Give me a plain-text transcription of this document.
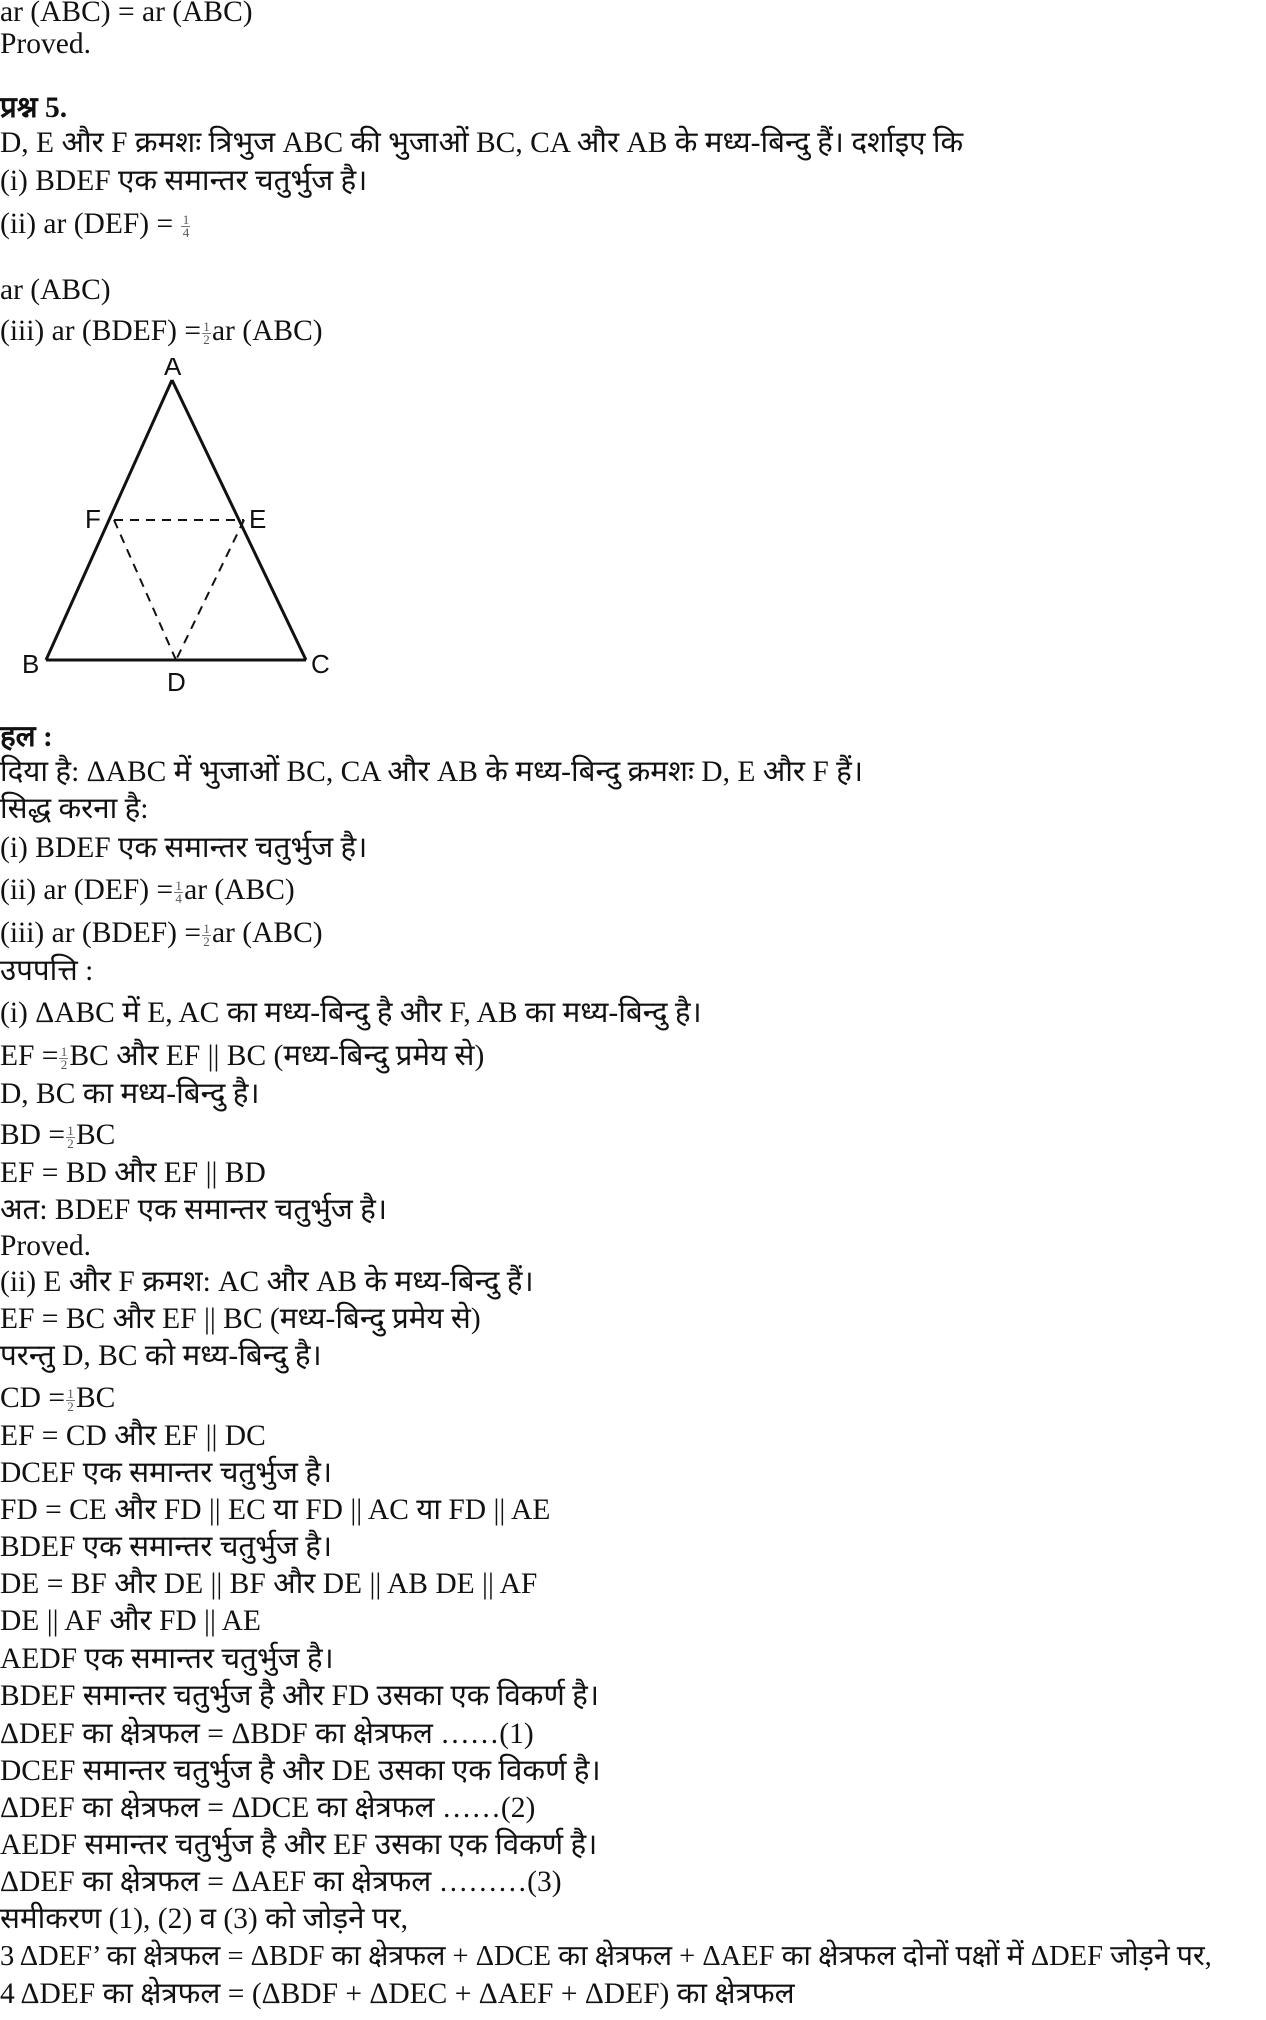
ar (ABC) = ar (ABC)
Proved.
प्रश्न 5.
D, E और F क्रमशः त्रिभुज ABC की भुजाओं BC, CA और AB के मध्य-बिन्दु हैं। दर्शाइए कि
(i) BDEF एक समान्तर चतुर्भुज है।
(ii) ar $(DEF) = \frac{1}{4}$
ar (ABC)
(iii) ar (BDEF) = $\frac{1}{2}$ ar (ABC)
A
F	E
B	C
D
हल :
दिया है: ΔABC में भुजाओं BC, CA और AB के मध्य-बिन्दु क्रमशः D, E और F हैं।
सिद्ध करना है:
(i) BDEF एक समान्तर चतुर्भुज है।
(ii) ar $(DEF) = \frac{1}{4}$ ar (ABC)
(iii) ar (BDEF) = $\frac{1}{2}$ ar (ABC)
उपपत्ति :
(i) ΔABC में E, AC का मध्य-बिन्दु है और F, AB का मध्य-बिन्दु है।
EF = $\frac{1}{2}$ BC और EF || BC (मध्य-बिन्दु प्रमेय से)
D, BC का मध्य-बिन्दु है।
BD = $\frac{1}{2}$ BC
EF = BD और EF || BD
अत: BDEF एक समान्तर चतुर्भुज है।
Proved.
(ii) E और F क्रमश: AC और AB के मध्य-बिन्दु हैं।
EF = BC और EF || BC (मध्य-बिन्दु प्रमेय से)
परन्तु D, BC को मध्य-बिन्दु है।
CD = $\frac{1}{2}$ BC
EF = CD और EF || DC
DCEF एक समान्तर चतुर्भुज है।
FD = CE और FD || EC या FD || AC या FD || AE
BDEF एक समान्तर चतुर्भुज है।
DE = BF और DE || BF और DE || AB DE || AF
DE || AF और FD || AE
AEDF एक समान्तर चतुर्भुज है।
BDEF समान्तर चतुर्भुज है और FD उसका एक विकर्ण है।
ΔDEF का क्षेत्रफल = ΔBDF का क्षेत्रफल ……(1)
DCEF समान्तर चतुर्भुज है और DE उसका एक विकर्ण है।
ΔDEF का क्षेत्रफल = ΔDCE का क्षेत्रफल ……(2)
AEDF समान्तर चतुर्भुज है और EF उसका एक विकर्ण है।
ΔDEF का क्षेत्रफल = ΔAEF का क्षेत्रफल ………(3)
समीकरण (1), (2) व (3) को जोड़ने पर,
3 ΔDEF’ का क्षेत्रफल = ΔBDF का क्षेत्रफल + ΔDCE का क्षेत्रफल + ΔAEF का क्षेत्रफल दोनों पक्षों में ΔDEF जोड़ने पर,
4 ΔDEF का क्षेत्रफल = (ΔBDF + ΔDEC + ΔAEF + ΔDEF) का क्षेत्रफल
